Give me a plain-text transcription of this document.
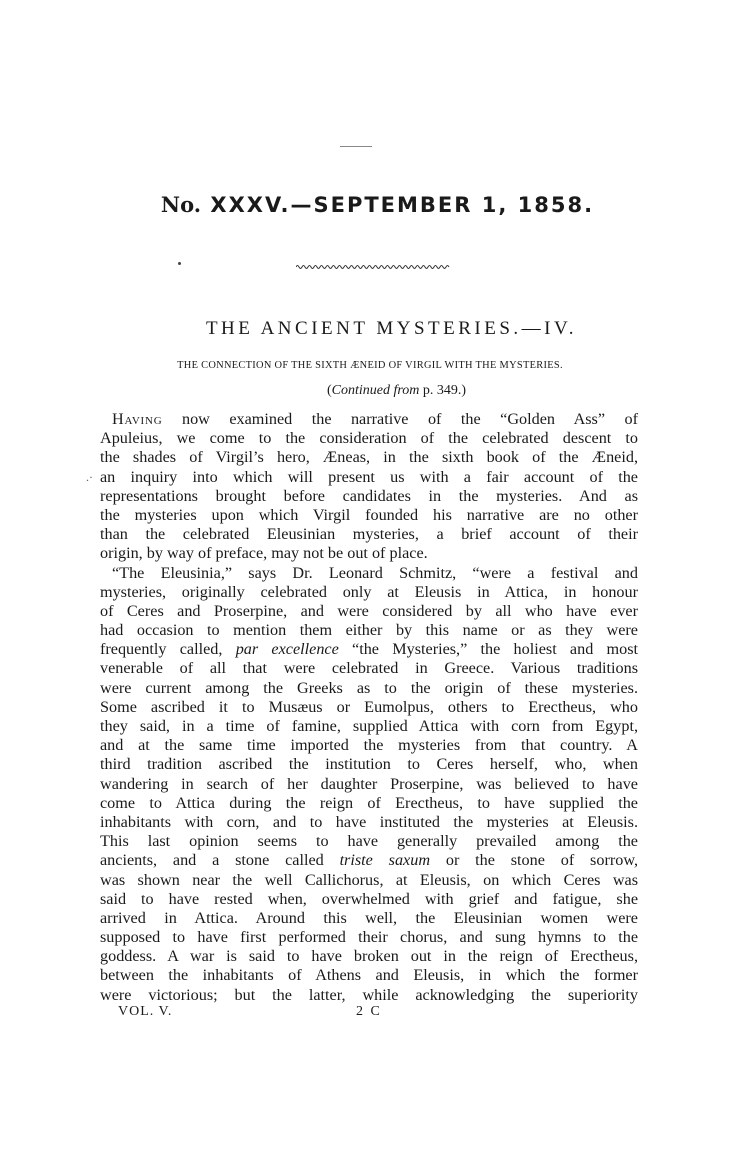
No. XXXV.—SEPTEMBER 1, 1858.
THE ANCIENT MYSTERIES.—IV.
THE CONNECTION OF THE SIXTH ÆNEID OF VIRGIL WITH THE MYSTERIES.
(Continued from p. 349.)
.·
Having now examined the narrative of the “Golden Ass” of
Apuleius, we come to the consideration of the celebrated descent to
the shades of Virgil’s hero, Æneas, in the sixth book of the Æneid,
an inquiry into which will present us with a fair account of the
representations brought before candidates in the mysteries. And as
the mysteries upon which Virgil founded his narrative are no other
than the celebrated Eleusinian mysteries, a brief account of their
origin, by way of preface, may not be out of place.
“The Eleusinia,” says Dr. Leonard Schmitz, “were a festival and
mysteries, originally celebrated only at Eleusis in Attica, in honour
of Ceres and Proserpine, and were considered by all who have ever
had occasion to mention them either by this name or as they were
frequently called, par excellence “the Mysteries,” the holiest and most
venerable of all that were celebrated in Greece. Various traditions
were current among the Greeks as to the origin of these mysteries.
Some ascribed it to Musæus or Eumolpus, others to Erectheus, who
they said, in a time of famine, supplied Attica with corn from Egypt,
and at the same time imported the mysteries from that country. A
third tradition ascribed the institution to Ceres herself, who, when
wandering in search of her daughter Proserpine, was believed to have
come to Attica during the reign of Erectheus, to have supplied the
inhabitants with corn, and to have instituted the mysteries at Eleusis.
This last opinion seems to have generally prevailed among the
ancients, and a stone called triste saxum or the stone of sorrow,
was shown near the well Callichorus, at Eleusis, on which Ceres was
said to have rested when, overwhelmed with grief and fatigue, she
arrived in Attica. Around this well, the Eleusinian women were
supposed to have first performed their chorus, and sung hymns to the
goddess. A war is said to have broken out in the reign of Erectheus,
between the inhabitants of Athens and Eleusis, in which the former
were victorious; but the latter, while acknowledging the superiority
VOL. V.	2 C
